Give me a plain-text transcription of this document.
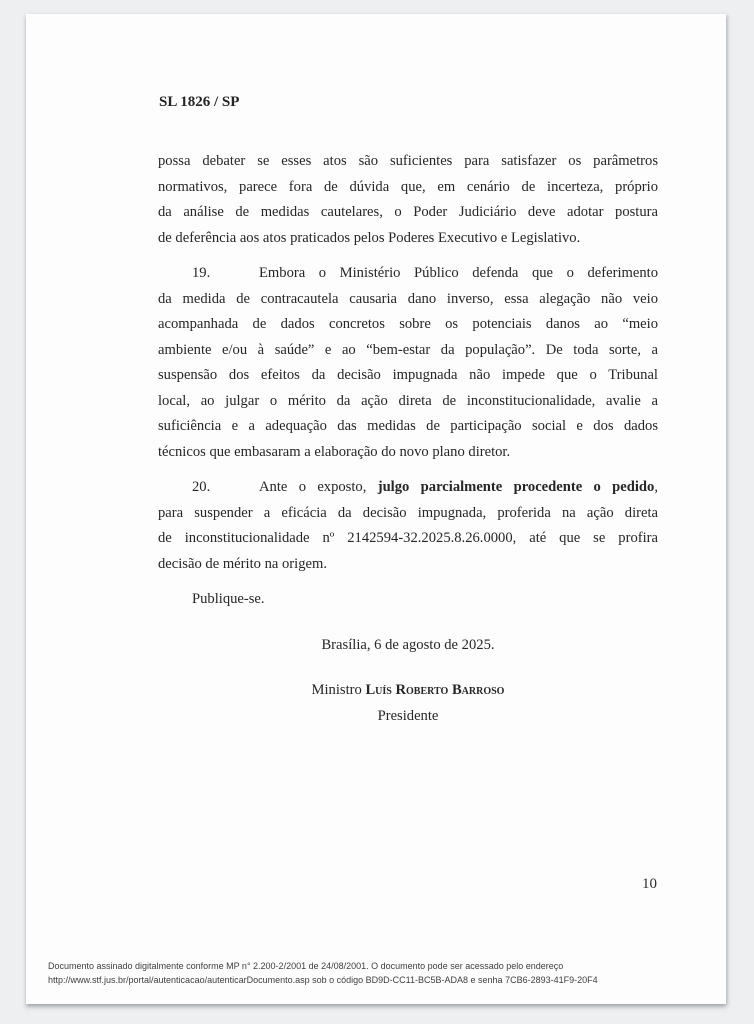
SL 1826 / SP
possa debater se esses atos são suficientes para satisfazer os parâmetros
normativos, parece fora de dúvida que, em cenário de incerteza, próprio
da análise de medidas cautelares, o Poder Judiciário deve adotar postura
de deferência aos atos praticados pelos Poderes Executivo e Legislativo.
19.	Embora o Ministério Público defenda que o deferimento
da medida de contracautela causaria dano inverso, essa alegação não veio
acompanhada de dados concretos sobre os potenciais danos ao “meio
ambiente e/ou à saúde” e ao “bem-estar da população”. De toda sorte, a
suspensão dos efeitos da decisão impugnada não impede que o Tribunal
local, ao julgar o mérito da ação direta de inconstitucionalidade, avalie a
suficiência e a adequação das medidas de participação social e dos dados
técnicos que embasaram a elaboração do novo plano diretor.
20.	Ante o exposto, julgo parcialmente procedente o pedido,
para suspender a eficácia da decisão impugnada, proferida na ação direta
de inconstitucionalidade nº 2142594-32.2025.8.26.0000, até que se profira
decisão de mérito na origem.
Publique-se.
Brasília, 6 de agosto de 2025.
Ministro Luís Roberto Barroso
Presidente
10
Documento assinado digitalmente conforme MP n° 2.200-2/2001 de 24/08/2001. O documento pode ser acessado pelo endereço
http://www.stf.jus.br/portal/autenticacao/autenticarDocumento.asp sob o código BD9D-CC11-BC5B-ADA8 e senha 7CB6-2893-41F9-20F4
